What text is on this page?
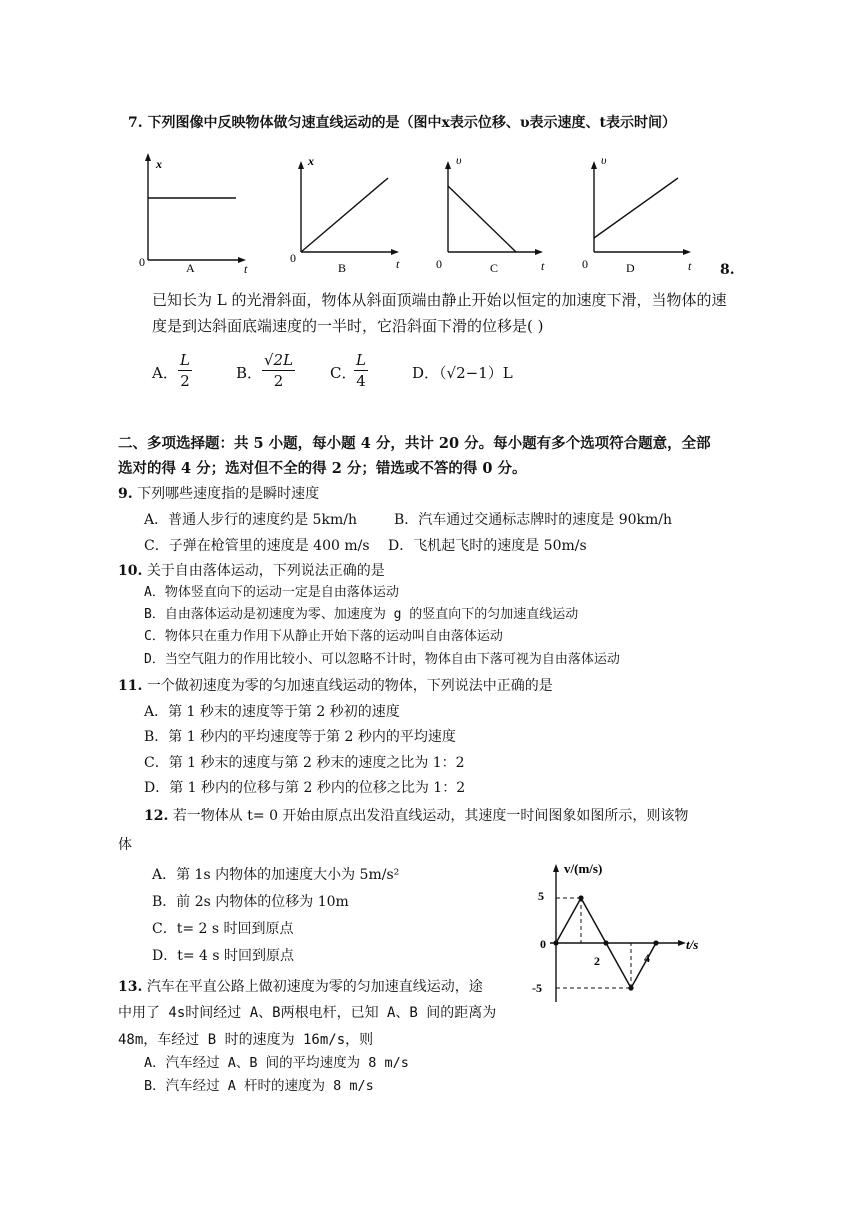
7. 下列图像中反映物体做匀速直线运动的是（图中x表示位移、υ表示速度、t表示时间）
x
0	t
A
x
0	t
B
υ
0	t
C
υ
0	t
D	8.
已知长为 L 的光滑斜面，物体从斜面顶端由静止开始以恒定的加速度下滑，当物体的速
度是到达斜面底端速度的一半时，它沿斜面下滑的位移是( )
A． $\frac{L}{2}$	B． $\frac{√2L}{2}$ C．
$\frac{L}{4}$	D．（√2−1）L
二、多项选择题：共 5 小题，每小题 4 分，共计 20 分。每小题有多个选项符合题意，全部
选对的得 4 分；选对但不全的得 2 分；错选或不答的得 0 分。
9. 下列哪些速度指的是瞬时速度
A．普通人步行的速度约是 5km/h	B．汽车通过交通标志牌时的速度是 90km/h
C．子弹在枪管里的速度是 400 m/s D．飞机起飞时的速度是 50m/s
10. 关于自由落体运动，下列说法正确的是
A．物体竖直向下的运动一定是自由落体运动
B．自由落体运动是初速度为零、加速度为 g 的竖直向下的匀加速直线运动
C．物体只在重力作用下从静止开始下落的运动叫自由落体运动
D．当空气阻力的作用比较小、可以忽略不计时，物体自由下落可视为自由落体运动
11. 一个做初速度为零的匀加速直线运动的物体，下列说法中正确的是
A．第 1 秒末的速度等于第 2 秒初的速度
B．第 1 秒内的平均速度等于第 2 秒内的平均速度
C．第 1 秒末的速度与第 2 秒末的速度之比为 1：2
D．第 1 秒内的位移与第 2 秒内的位移之比为 1：2
12. 若一物体从 t= 0 开始由原点出发沿直线运动，其速度一时间图象如图所示，则该物
体
A．第 1s 内物体的加速度大小为 5m/s²
B．前 2s 内物体的位移为 10m
C．t= 2 s 时回到原点
D．t= 4 s 时回到原点
v/(m/s)
t/s
5
0
-5
2	4
13. 汽车在平直公路上做初速度为零的匀加速直线运动，途
中用了 4s时间经过 A、B两根电杆，已知 A、B 间的距离为
48m，车经过 B 时的速度为 16m/s，则
A．汽车经过 A、B 间的平均速度为 8 m/s
B．汽车经过 A 杆时的速度为 8 m/s
